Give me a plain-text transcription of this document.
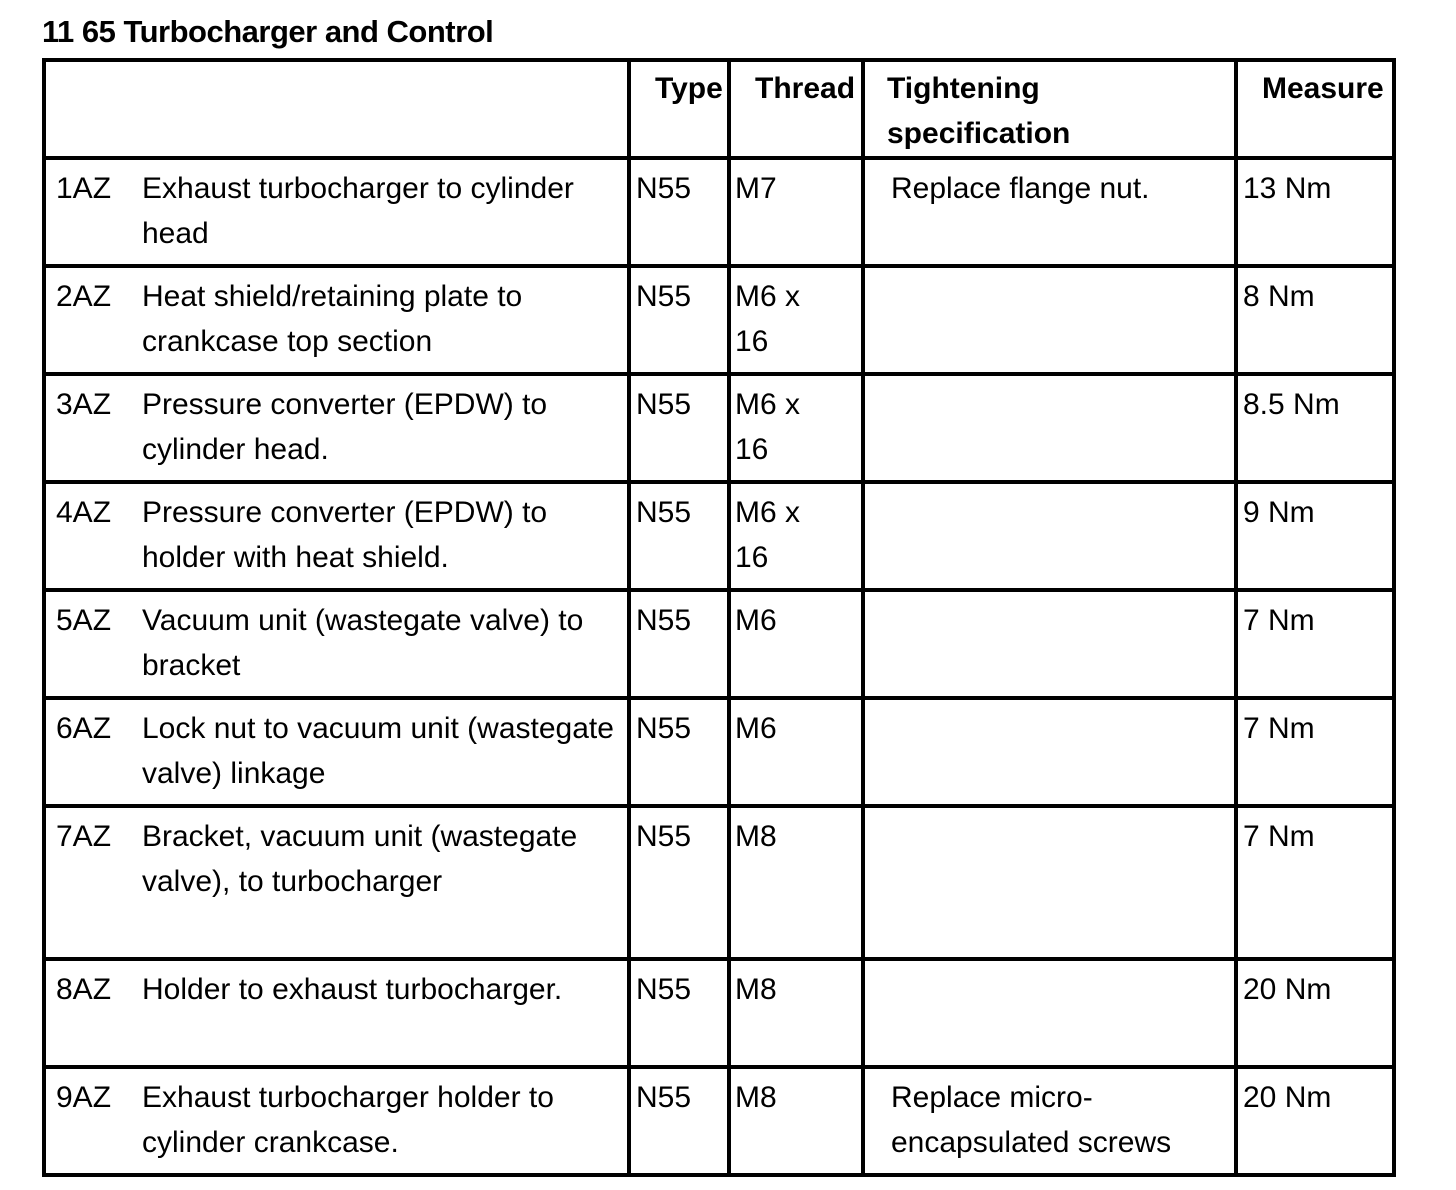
11 65 Turbocharger and Control

	Type	Thread	Tightening specification	Measure

1AZ Exhaust turbocharger to cylinder head	N55	M7	Replace flange nut.	13 Nm
2AZ Heat shield/retaining plate to crankcase top section	N55	M6 x 16		8 Nm
3AZ Pressure converter (EPDW) to cylinder head.	N55	M6 x 16		8.5 Nm
4AZ Pressure converter (EPDW) to holder with heat shield.	N55	M6 x 16		9 Nm
5AZ Vacuum unit (wastegate valve) to bracket	N55	M6		7 Nm
6AZ Lock nut to vacuum unit (wastegate valve) linkage	N55	M6		7 Nm
7AZ Bracket, vacuum unit (wastegate valve), to turbocharger	N55	M8		7 Nm
8AZ Holder to exhaust turbocharger.	N55	M8		20 Nm
9AZ Exhaust turbocharger holder to cylinder crankcase.	N55	M8	Replace micro-encapsulated screws	20 Nm
